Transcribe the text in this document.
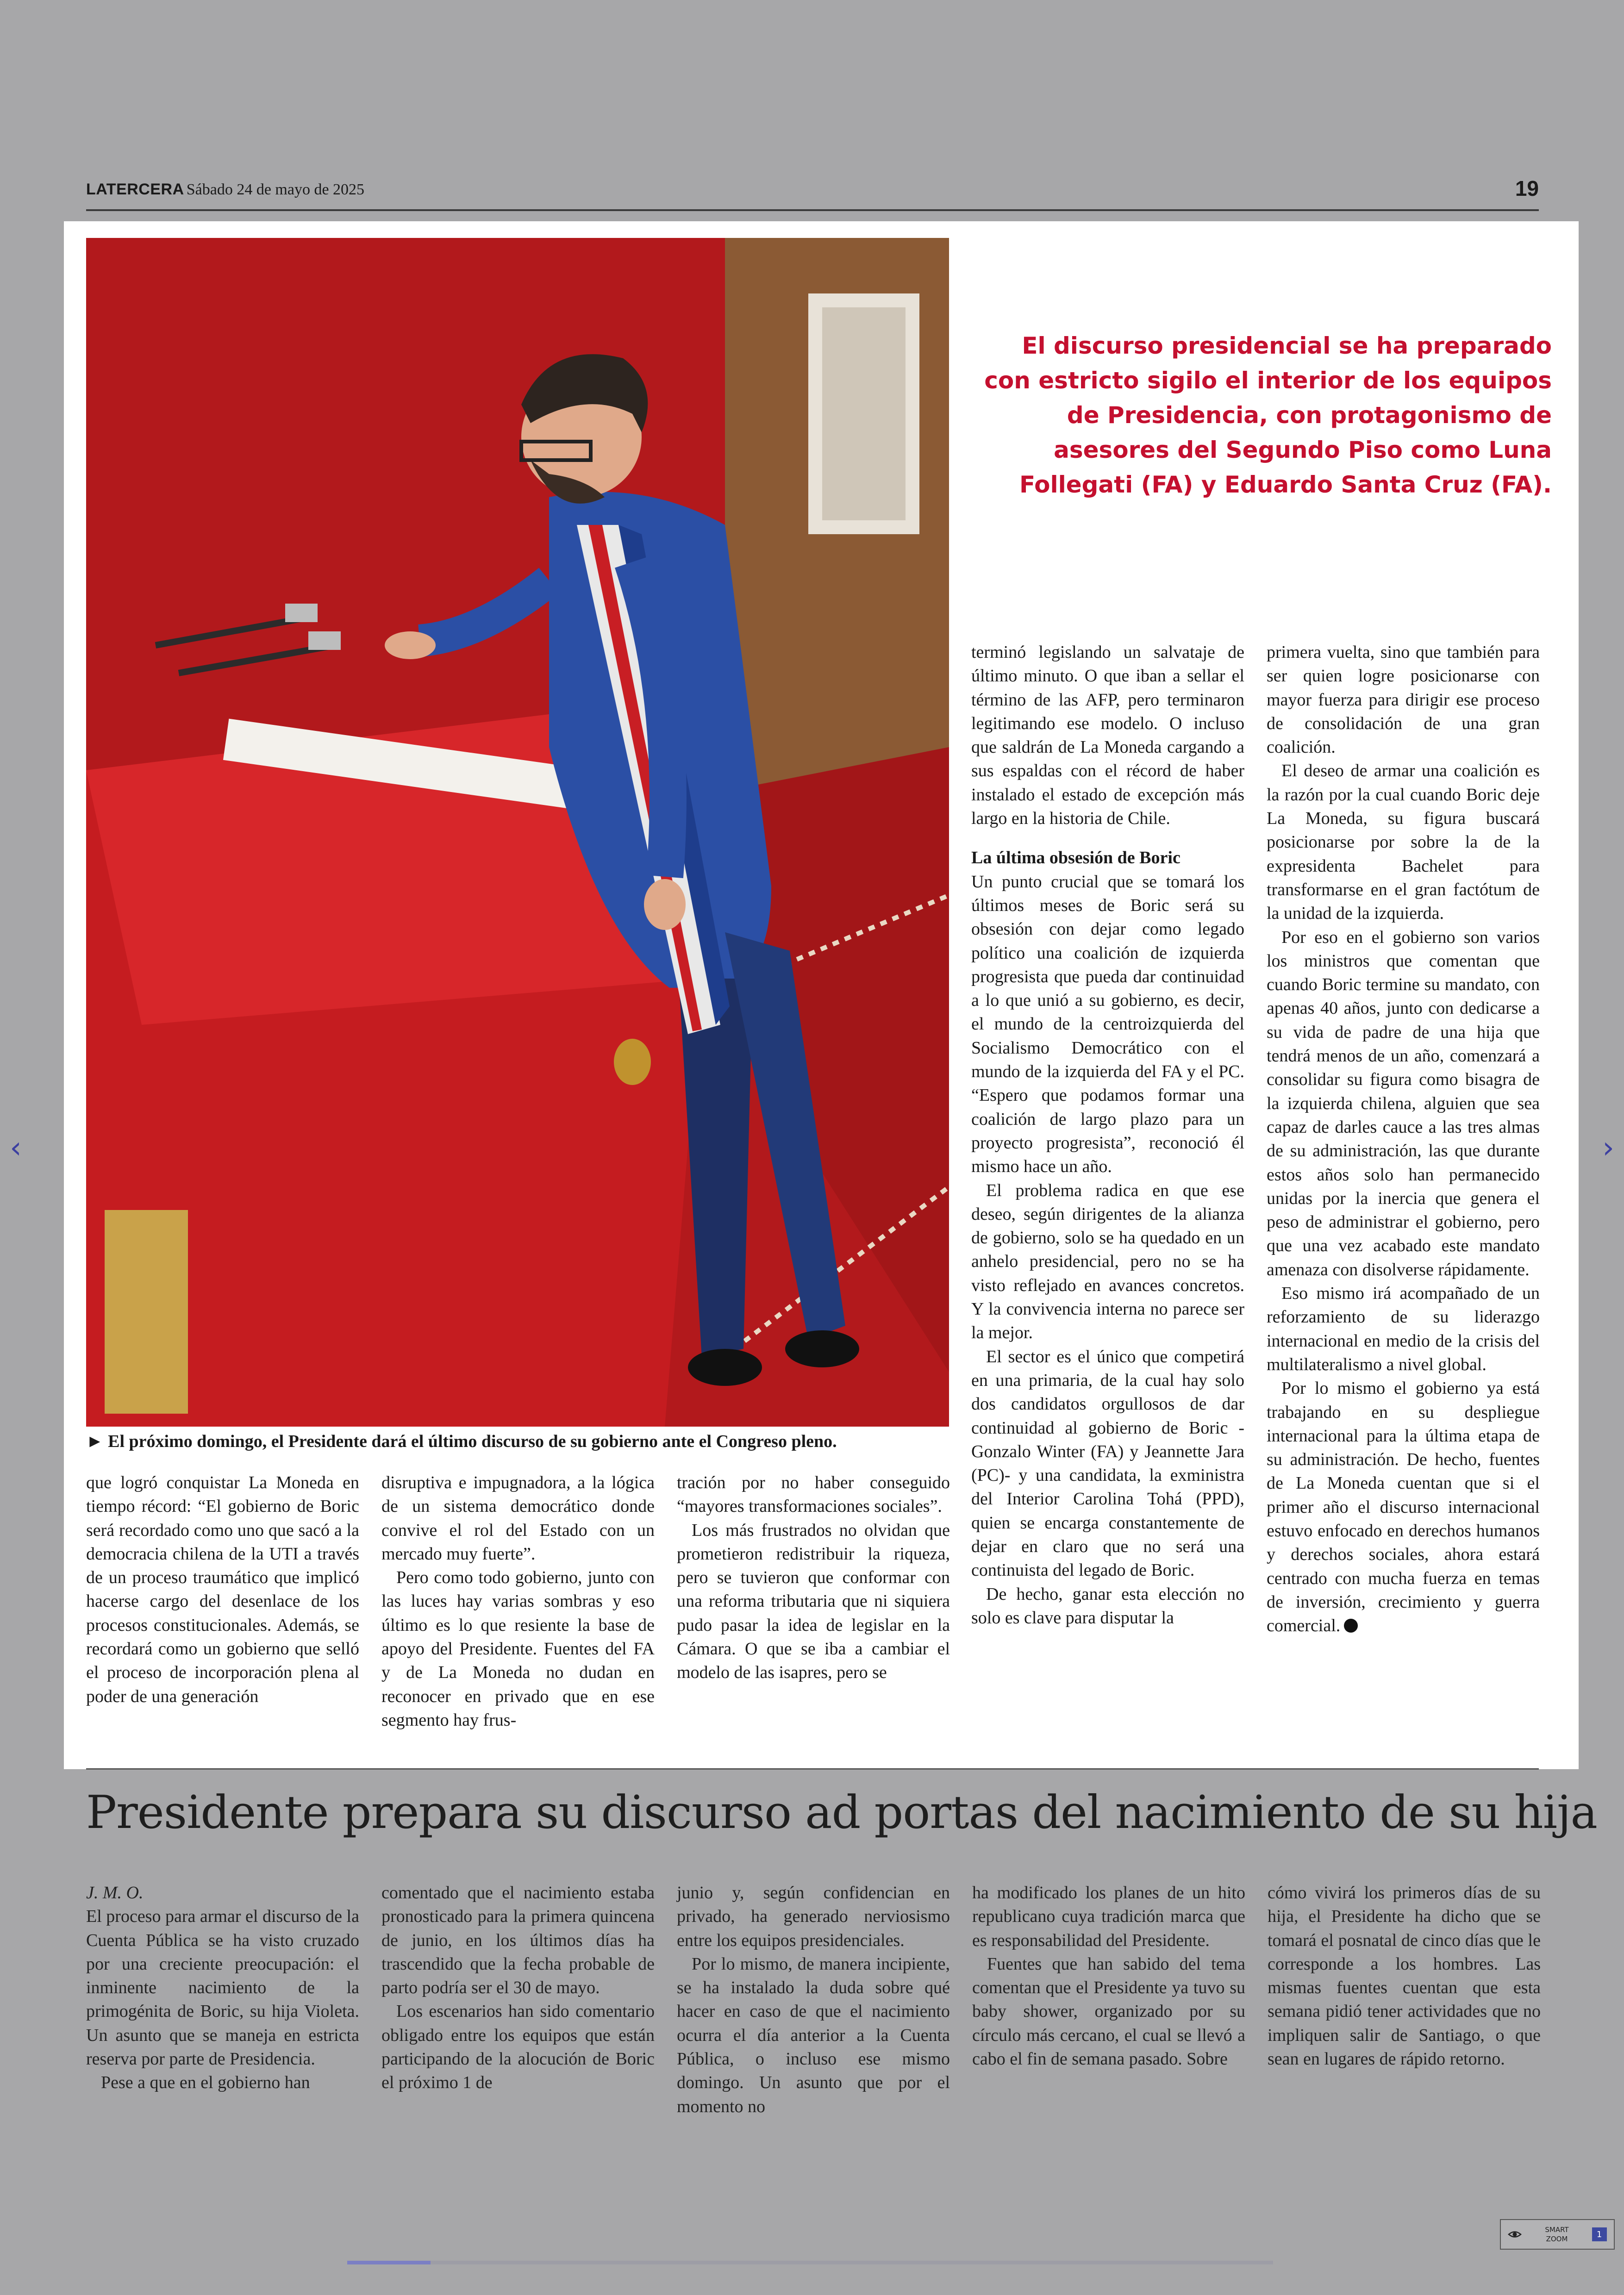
LATERCERA Sábado 24 de mayo de 2025	19
► El próximo domingo, el Presidente dará el último discurso de su gobierno ante el Congreso pleno.
El discurso presidencial se ha preparado con estricto sigilo el interior de los equipos de Presidencia, con protagonismo de asesores del Segundo Piso como Luna Follegati (FA) y Eduardo Santa Cruz (FA).

que logró conquistar La Moneda en tiempo récord: “El gobierno de Boric será recordado como uno que sacó a la democracia chilena de la UTI a través de un proceso traumático que implicó hacerse cargo del desenlace de los procesos constitucionales. Además, se recordará como un gobierno que selló el proceso de incorporación plena al poder de una generación

disruptiva e impugnadora, a la lógica de un sistema democrático donde convive el rol del Estado con un mercado muy fuerte”.

Pero como todo gobierno, junto con las luces hay varias sombras y eso último es lo que resiente la base de apoyo del Presidente. Fuentes del FA y de La Moneda no dudan en reconocer en privado que en ese segmento hay frus-

tración por no haber conseguido “mayores transformaciones sociales”.

Los más frustrados no olvidan que prometieron redistribuir la riqueza, pero se tuvieron que conformar con una reforma tributaria que ni siquiera pudo pasar la idea de legislar en la Cámara. O que se iba a cambiar el modelo de las isapres, pero se

terminó legislando un salvataje de último minuto. O que iban a sellar el término de las AFP, pero terminaron legitimando ese modelo. O incluso que saldrán de La Moneda cargando a sus espaldas con el récord de haber instalado el estado de excepción más largo en la historia de Chile.

La última obsesión de Boric

Un punto crucial que se tomará los últimos meses de Boric será su obsesión con dejar como legado político una coalición de izquierda progresista que pueda dar continuidad a lo que unió a su gobierno, es decir, el mundo de la centroizquierda del Socialismo Democrático con el mundo de la izquierda del FA y el PC. “Espero que podamos formar una coalición de largo plazo para un proyecto progresista”, reconoció él mismo hace un año.

El problema radica en que ese deseo, según dirigentes de la alianza de gobierno, solo se ha quedado en un anhelo presidencial, pero no se ha visto reflejado en avances concretos. Y la convivencia interna no parece ser la mejor.

El sector es el único que competirá en una primaria, de la cual hay solo dos candidatos orgullosos de dar continuidad al gobierno de Boric -Gonzalo Winter (FA) y Jeannette Jara (PC)- y una candidata, la exministra del Interior Carolina Tohá (PPD), quien se encarga constantemente de dejar en claro que no será una continuista del legado de Boric.

De hecho, ganar esta elección no solo es clave para disputar la

primera vuelta, sino que también para ser quien logre posicionarse con mayor fuerza para dirigir ese proceso de consolidación de una gran coalición.

El deseo de armar una coalición es la razón por la cual cuando Boric deje La Moneda, su figura buscará posicionarse por sobre la de la expresidenta Bachelet para transformarse en el gran factótum de la unidad de la izquierda.

Por eso en el gobierno son varios los ministros que comentan que cuando Boric termine su mandato, con apenas 40 años, junto con dedicarse a su vida de padre de una hija que tendrá menos de un año, comenzará a consolidar su figura como bisagra de la izquierda chilena, alguien que sea capaz de darles cauce a las tres almas de su administración, las que durante estos años solo han permanecido unidas por la inercia que genera el peso de administrar el gobierno, pero que una vez acabado este mandato amenaza con disolverse rápidamente.

Eso mismo irá acompañado de un reforzamiento de su liderazgo internacional en medio de la crisis del multilateralismo a nivel global.

Por lo mismo el gobierno ya está trabajando en su despliegue internacional para la última etapa de su administración. De hecho, fuentes de La Moneda cuentan que si el primer año el discurso internacional estuvo enfocado en derechos humanos y derechos sociales, ahora estará centrado con mucha fuerza en temas de inversión, crecimiento y guerra comercial.

Presidente prepara su discurso ad portas del nacimiento de su hija

J. M. O.

El proceso para armar el discurso de la Cuenta Pública se ha visto cruzado por una creciente preocupación: el inminente nacimiento de la primogénita de Boric, su hija Violeta. Un asunto que se maneja en estricta reserva por parte de Presidencia.

Pese a que en el gobierno han

comentado que el nacimiento estaba pronosticado para la primera quincena de junio, en los últimos días ha trascendido que la fecha probable de parto podría ser el 30 de mayo.

Los escenarios han sido comentario obligado entre los equipos que están participando de la alocución de Boric el próximo 1 de

junio y, según confidencian en privado, ha generado nerviosismo entre los equipos presidenciales.

Por lo mismo, de manera incipiente, se ha instalado la duda sobre qué hacer en caso de que el nacimiento ocurra el día anterior a la Cuenta Pública, o incluso ese mismo domingo. Un asunto que por el momento no

ha modificado los planes de un hito republicano cuya tradición marca que es responsabilidad del Presidente.

Fuentes que han sabido del tema comentan que el Presidente ya tuvo su baby shower, organizado por su círculo más cercano, el cual se llevó a cabo el fin de semana pasado. Sobre

cómo vivirá los primeros días de su hija, el Presidente ha dicho que se tomará el posnatal de cinco días que le corresponde a los hombres. Las mismas fuentes cuentan que esta semana pidió tener actividades que no impliquen salir de Santiago, o que sean en lugares de rápido retorno.

‹	›
SMART
ZOOM	1
